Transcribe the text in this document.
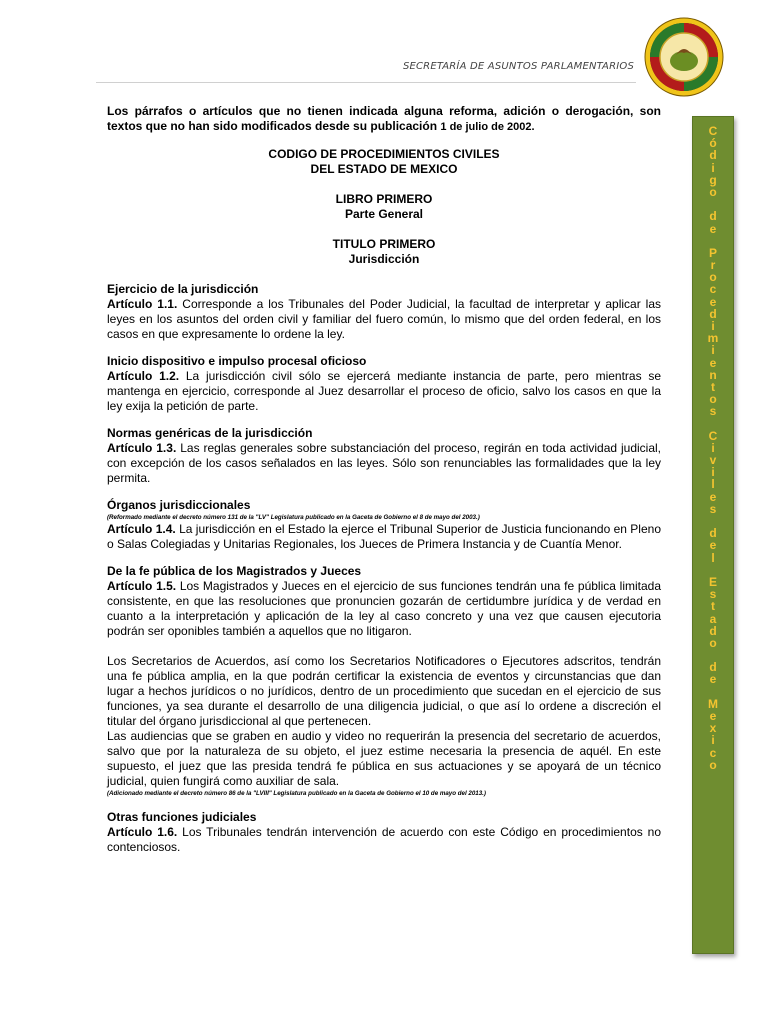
SECRETARÍA DE ASUNTOS PARLAMENTARIOS
C
ó
d
i
g
o

d
e

P
r
o
c
e
d
i
m
i
e
n
t
o
s

C
i
v
i
l
e
s

d
e
l

E
s
t
a
d
o

d
e

M
e
x
i
c
o

Los párrafos o artículos que no tienen indicada alguna reforma, adición o derogación, son textos que no han sido modificados desde su publicación 1 de julio de 2002.

CODIGO DE PROCEDIMIENTOS CIVILES

DEL ESTADO DE MEXICO

LIBRO PRIMERO

Parte General

TITULO PRIMERO

Jurisdicción

Ejercicio de la jurisdicción

Artículo 1.1. Corresponde a los Tribunales del Poder Judicial, la facultad de interpretar y aplicar las leyes en los asuntos del orden civil y familiar del fuero común, lo mismo que del orden federal, en los casos en que expresamente lo ordene la ley.

Inicio dispositivo e impulso procesal oficioso

Artículo 1.2. La jurisdicción civil sólo se ejercerá mediante instancia de parte, pero mientras se mantenga en ejercicio, corresponde al Juez desarrollar el proceso de oficio, salvo los casos en que la ley exija la petición de parte.

Normas genéricas de la jurisdicción

Artículo 1.3. Las reglas generales sobre substanciación del proceso, regirán en toda actividad judicial, con excepción de los casos señalados en las leyes. Sólo son renunciables las formalidades que la ley permita.

Órganos jurisdiccionales

(Reformado mediante el decreto número 131 de la "LV" Legislatura publicado en la Gaceta de Gobierno el 8 de mayo del 2003.)

Artículo 1.4. La jurisdicción en el Estado la ejerce el Tribunal Superior de Justicia funcionando en Pleno o Salas Colegiadas y Unitarias Regionales, los Jueces de Primera Instancia y de Cuantía Menor.

De la fe pública de los Magistrados y Jueces

Artículo 1.5. Los Magistrados y Jueces en el ejercicio de sus funciones tendrán una fe pública limitada consistente, en que las resoluciones que pronuncien gozarán de certidumbre jurídica y de verdad en cuanto a la interpretación y aplicación de la ley al caso concreto y una vez que causen ejecutoria podrán ser oponibles también a aquellos que no litigaron.

Los Secretarios de Acuerdos, así como los Secretarios Notificadores o Ejecutores adscritos, tendrán una fe pública amplia, en la que podrán certificar la existencia de eventos y circunstancias que dan lugar a hechos jurídicos o no jurídicos, dentro de un procedimiento que sucedan en el ejercicio de sus funciones, ya sea durante el desarrollo de una diligencia judicial, o que así lo ordene a discreción el titular del órgano jurisdiccional al que pertenecen.

Las audiencias que se graben en audio y video no requerirán la presencia del secretario de acuerdos, salvo que por la naturaleza de su objeto, el juez estime necesaria la presencia de aquél. En este supuesto, el juez que las presida tendrá fe pública en sus actuaciones y se apoyará de un técnico judicial, quien fungirá como auxiliar de sala.

(Adicionado mediante el decreto número 86 de la "LVIII" Legislatura publicado en la Gaceta de Gobierno el 10 de mayo del 2013.)

Otras funciones judiciales

Artículo 1.6. Los Tribunales tendrán intervención de acuerdo con este Código en procedimientos no contenciosos.
